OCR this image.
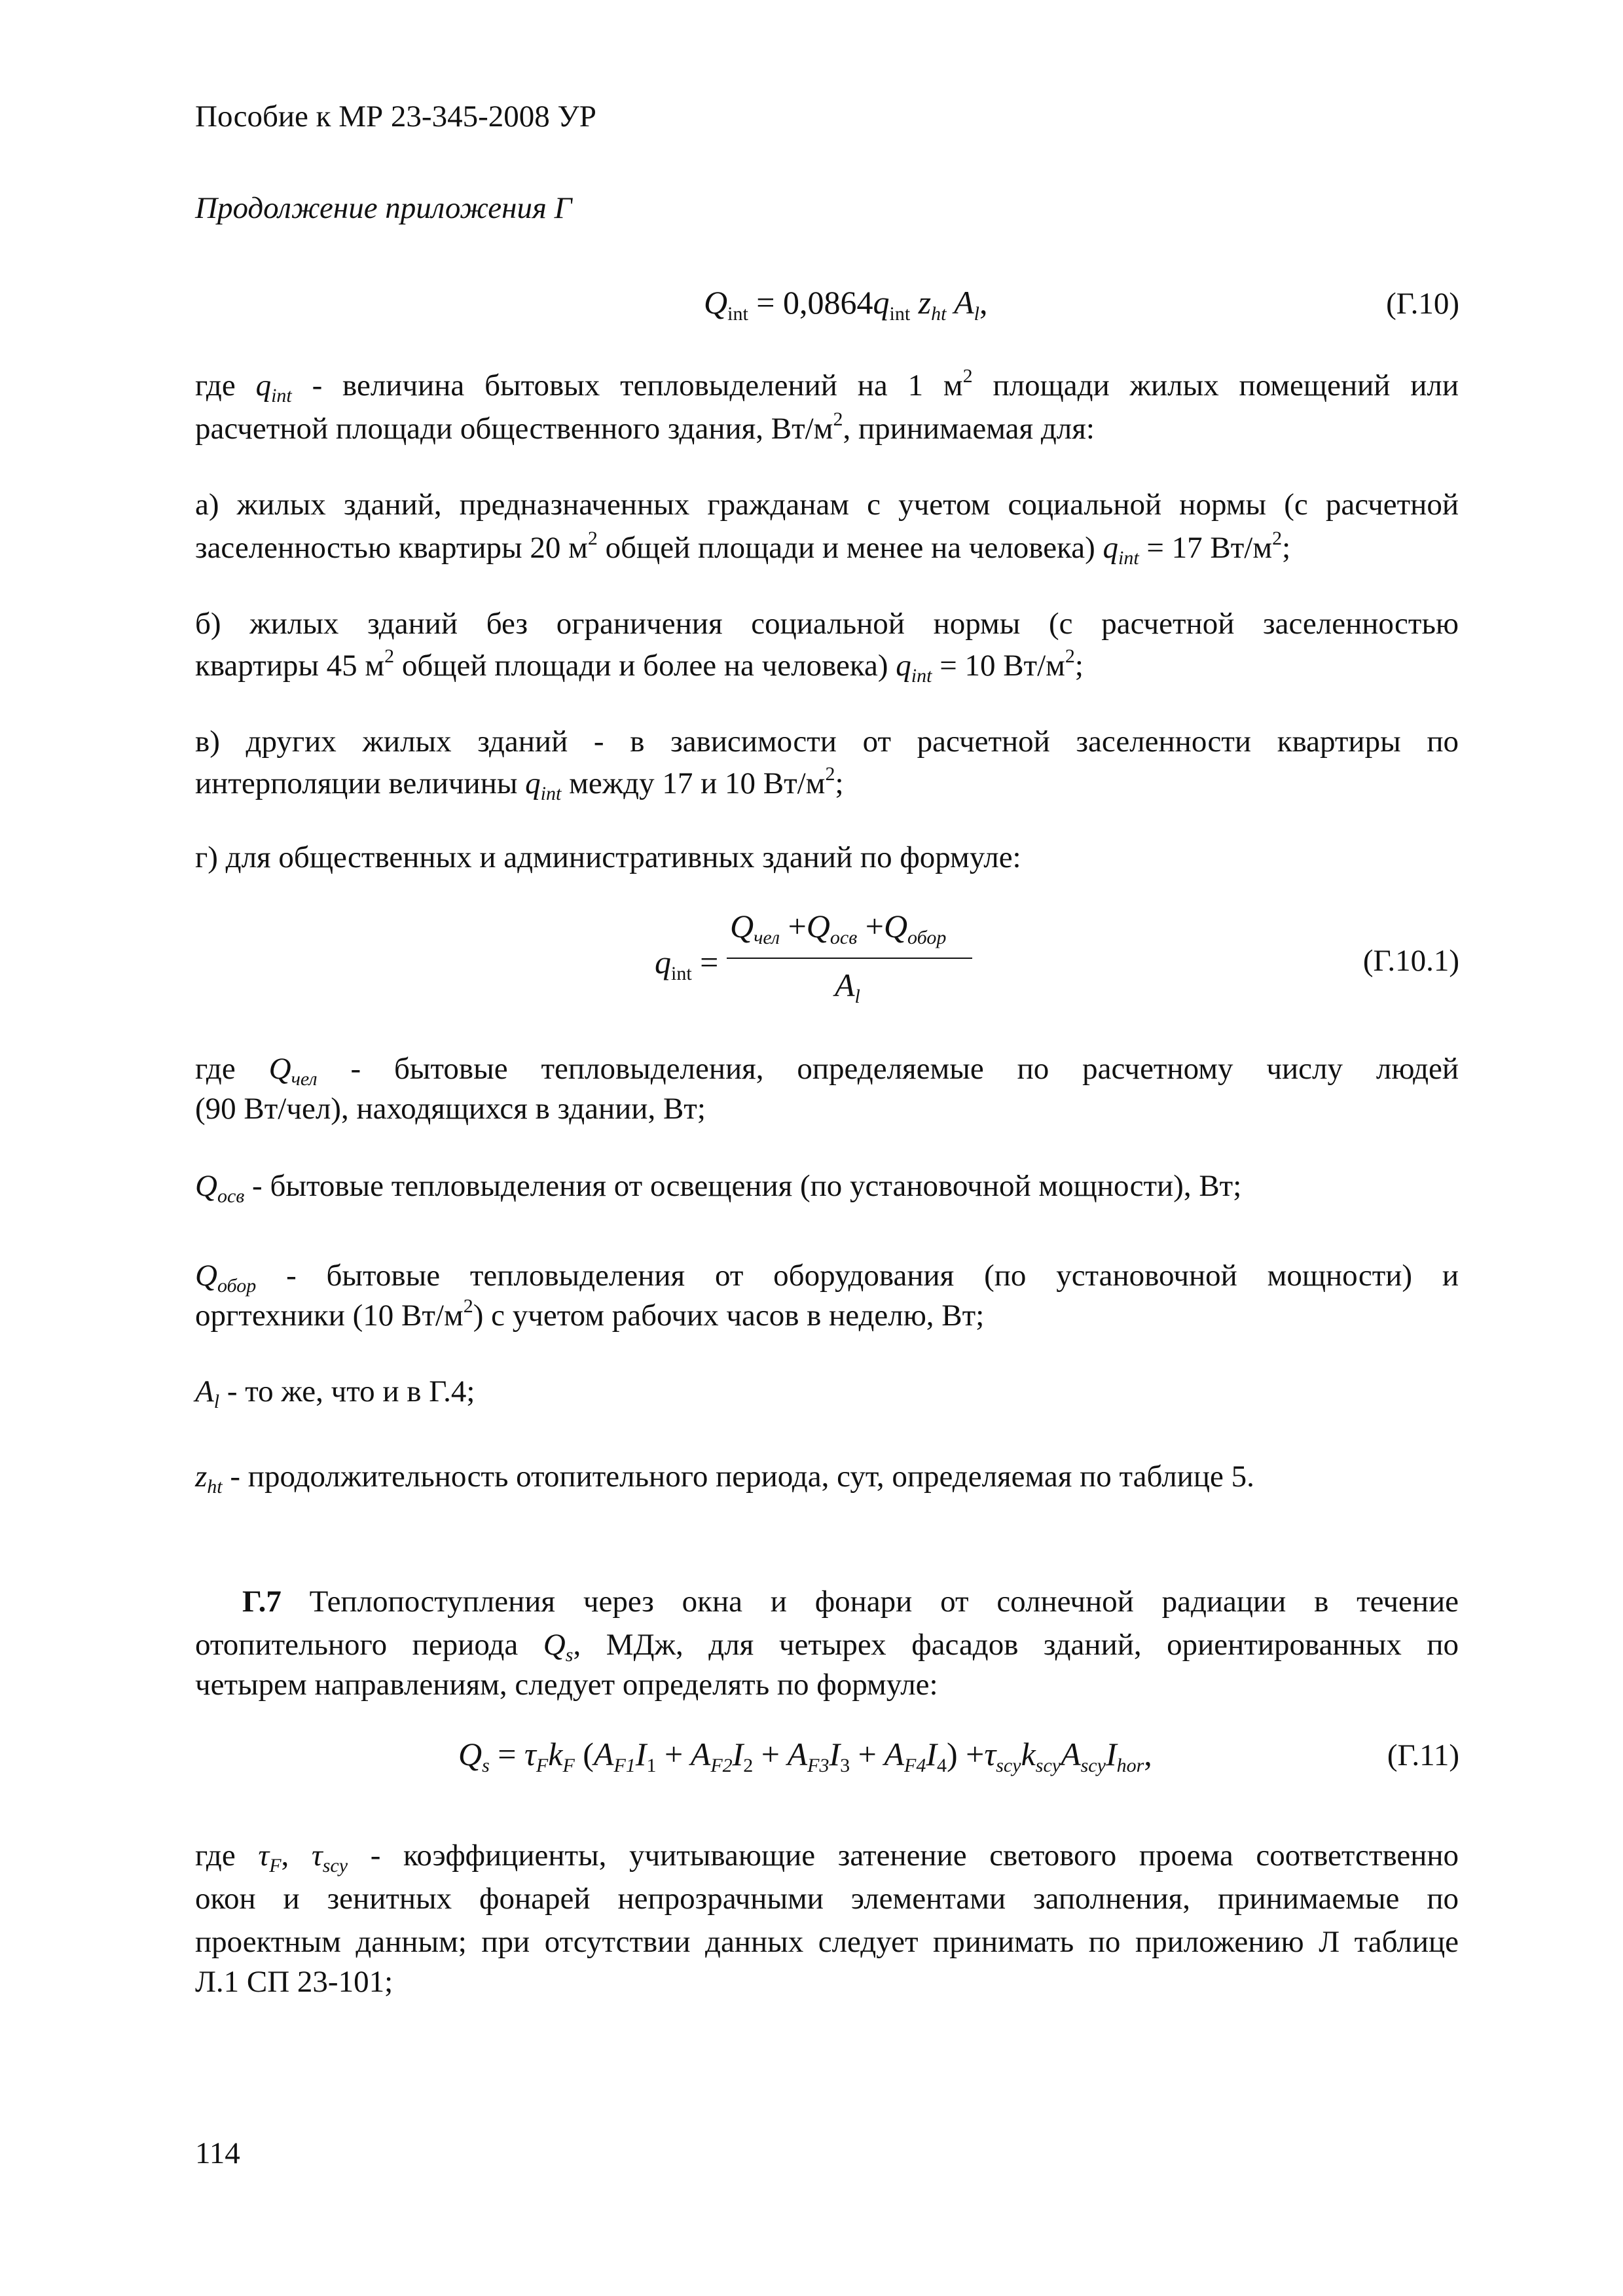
Пособие к МР 23-345-2008 УР
Продолжение приложения Г
$Q_{int} = 0,0864q_{int}$ $z_{ht}$ $A_l$,	(Г.10)
где $q_{int}$ - величина бытовых тепловыделений на 1 $м^2$ площади жилых помещений или
расчетной площади общественного здания, $Вт/м^2$, принимаемая для:
а) жилых зданий, предназначенных гражданам с учетом социальной нормы (с расчетной
заселенностью квартиры 20 $м^2$ общей площади и менее на человека) $q_{int} = 17$ $Вт/м^2$;
б) жилых зданий без ограничения социальной нормы (с расчетной заселенностью
квартиры 45 $м^2$ общей площади и более на человека) $q_{int} = 10$ $Вт/м^2$;
в) других жилых зданий - в зависимости от расчетной заселенности квартиры по
интерполяции величины $q_{int}$ между 17 и 10 $Вт/м^2$;
г) для общественных и административных зданий по формуле:
$q_{int}$ =
$Q_{чел} +Q_{осв} +Q_{обор}$
$A_l$
(Г.10.1)
где $Q_{чел}$ - бытовые тепловыделения, определяемые по расчетному числу людей
(90 Вт/чел), находящихся в здании, Вт;
$Q_{осв}$ - бытовые тепловыделения от освещения (по установочной мощности), Вт;
$Q_{обор}$ - бытовые тепловыделения от оборудования (по установочной мощности) и
оргтехники (10 $Вт/м^2$) с учетом рабочих часов в неделю, Вт;
$A_l$ - то же, что и в Г.4;
$z_{ht}$ - продолжительность отопительного периода, сут, определяемая по таблице 5.
Г.7 Теплопоступления через окна и фонари от солнечной радиации в течение
отопительного периода $Q_s$, МДж, для четырех фасадов зданий, ориентированных по
четырем направлениям, следует определять по формуле:
$Q_s = \tau_Fk_F$ $(A_{F1}I_1 + A_{F2}I_2 + A_{F3}I_3 + A_{F4}I_4) +\tau_{scy}k_{scy}A_{scy}I_{hor}$,	(Г.11)
где $\tau_F$, $\tau_{scy}$ - коэффициенты, учитывающие затенение светового проема соответственно
окон и зенитных фонарей непрозрачными элементами заполнения, принимаемые по
проектным данным; при отсутствии данных следует принимать по приложению Л таблице
Л.1 СП 23-101;
114
